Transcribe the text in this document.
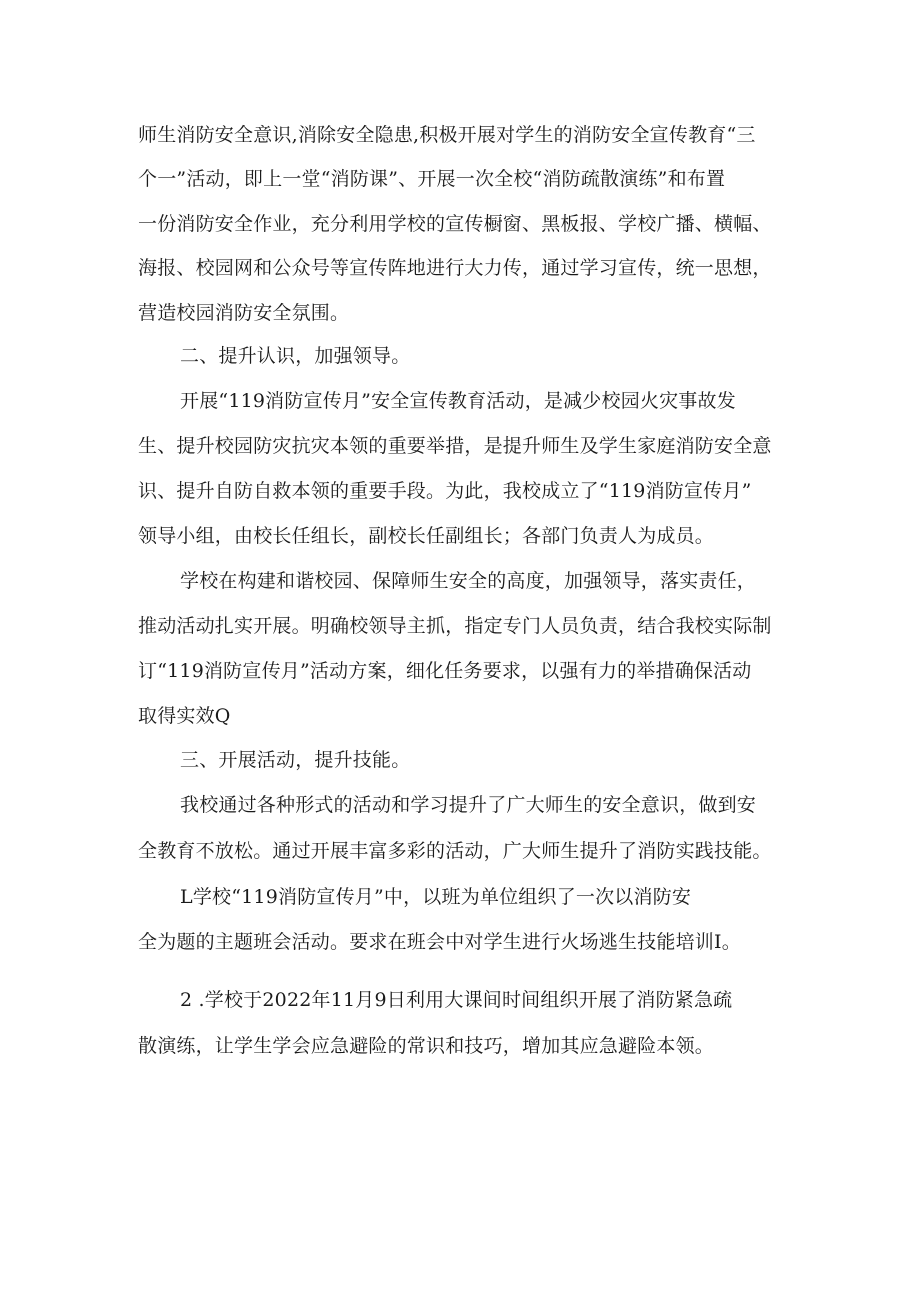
师生消防安全意识,消除安全隐患,积极开展对学生的消防安全宣传教育“三
个一”活动，即上一堂“消防课”、开展一次全校“消防疏散演练”和布置
一份消防安全作业，充分利用学校的宣传橱窗、黑板报、学校广播、横幅、
海报、校园网和公众号等宣传阵地进行大力传，通过学习宣传，统一思想，
营造校园消防安全氛围。
二、提升认识，加强领导。
开展“119消防宣传月”安全宣传教育活动，是减少校园火灾事故发
生、提升校园防灾抗灾本领的重要举措，是提升师生及学生家庭消防安全意
识、提升自防自救本领的重要手段。为此，我校成立了“119消防宣传月”
领导小组，由校长任组长，副校长任副组长；各部门负责人为成员。
学校在构建和谐校园、保障师生安全的高度，加强领导，落实责任，
推动活动扎实开展。明确校领导主抓，指定专门人员负责，结合我校实际制
订“119消防宣传月”活动方案，细化任务要求，以强有力的举措确保活动
取得实效Q
三、开展活动，提升技能。
我校通过各种形式的活动和学习提升了广大师生的安全意识，做到安
全教育不放松。通过开展丰富多彩的活动，广大师生提升了消防实践技能。
L学校“119消防宣传月”中，以班为单位组织了一次以消防安
全为题的主题班会活动。要求在班会中对学生进行火场逃生技能培训I。
2 .学校于2022年11月9日利用大课间时间组织开展了消防紧急疏
散演练，让学生学会应急避险的常识和技巧，增加其应急避险本领。
